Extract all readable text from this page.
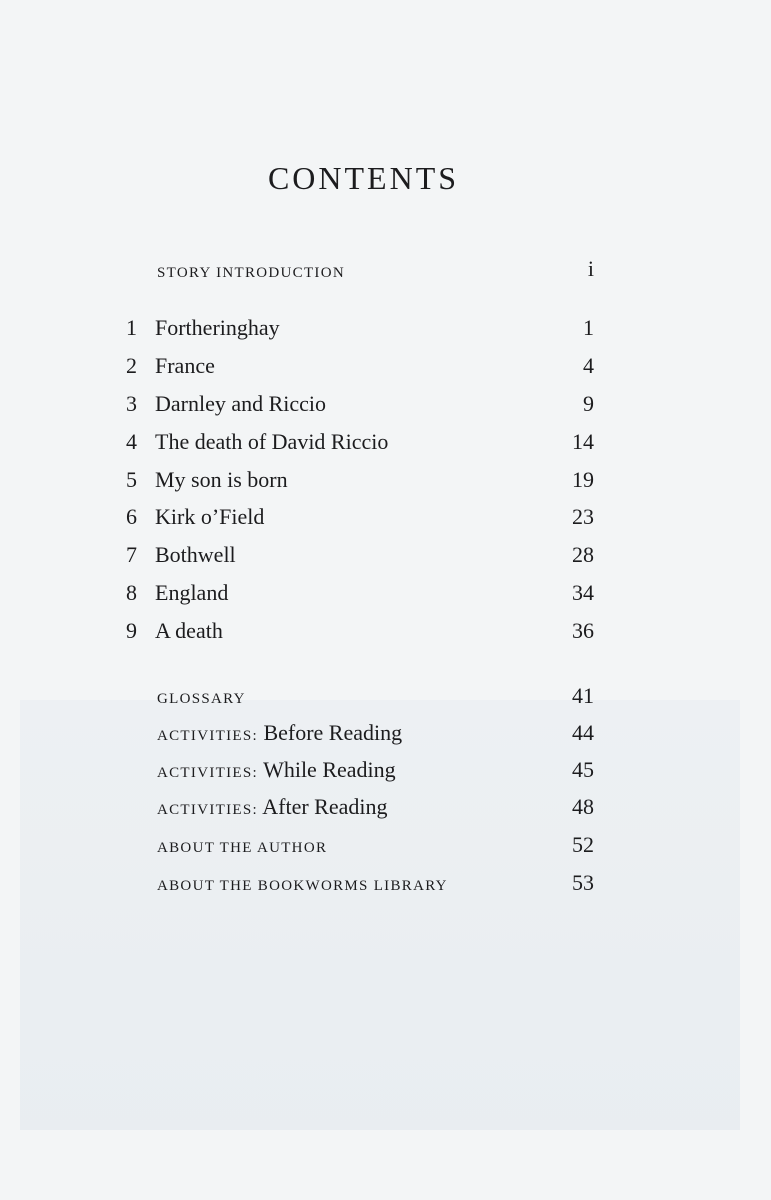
CONTENTS
STORY INTRODUCTION	i
1 Fortheringhay	1
2 France	4
3 Darnley and Riccio	9
4 The death of David Riccio	14
5 My son is born	19
6 Kirk o’Field	23
7 Bothwell	28
8 England	34
9 A death	36
GLOSSARY	41
ACTIVITIES: Before Reading	44
ACTIVITIES: While Reading	45
ACTIVITIES: After Reading	48
ABOUT THE AUTHOR	52
ABOUT THE BOOKWORMS LIBRARY	53
